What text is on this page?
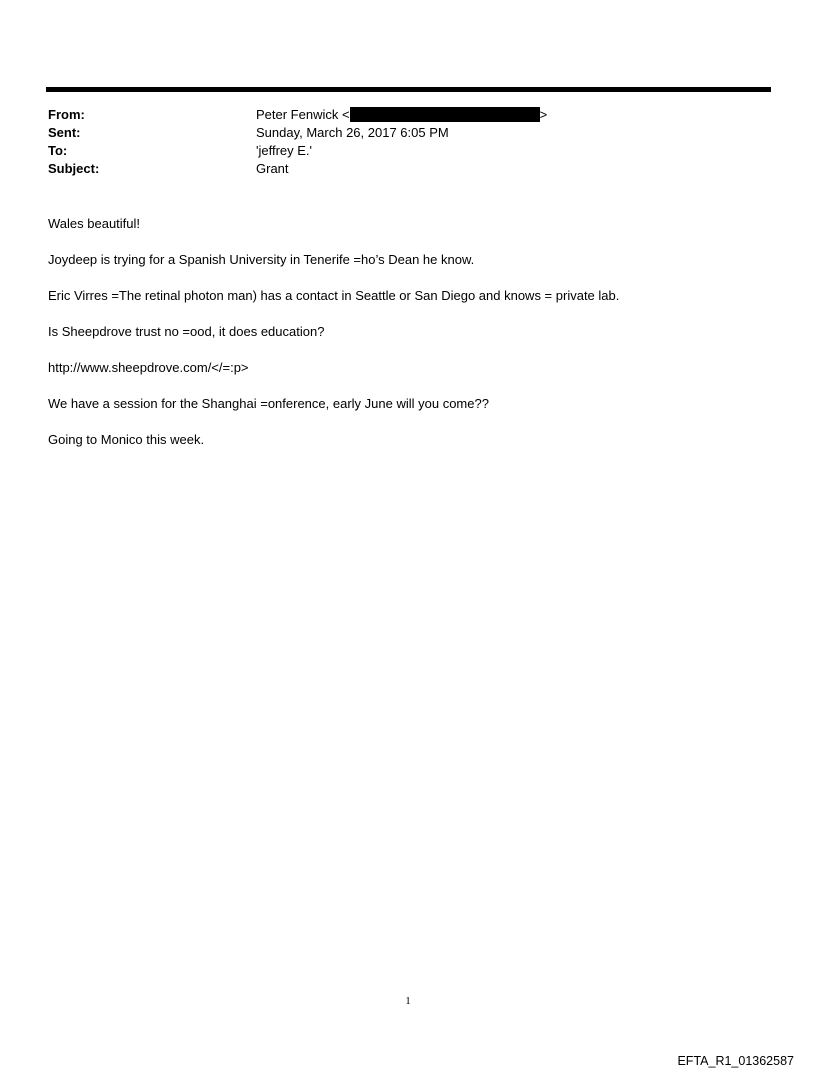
From:	Peter Fenwick <	>
Sent:	Sunday, March 26, 2017 6:05 PM
To:	'jeffrey E.'
Subject:	Grant

Wales beautiful!

Joydeep is trying for a Spanish University in Tenerife =ho’s Dean he know.

Eric Virres =The retinal photon man) has a contact in Seattle or San Diego and knows = private lab.

Is Sheepdrove trust no =ood, it does education?

http://www.sheepdrove.com/</=:p>

We have a session for the Shanghai =onference, early June will you come??

Going to Monico this week.

1
EFTA_R1_01362587
